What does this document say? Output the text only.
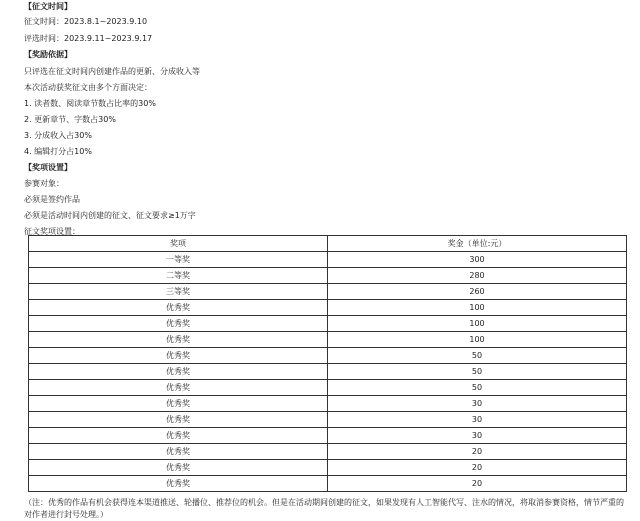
【征文时间】
征文时间：2023.8.1~2023.9.10
评选时间：2023.9.11~2023.9.17
【奖励依据】
只评选在征文时间内创建作品的更新、分成收入等
本次活动获奖征文由多个方面决定：
1. 读者数、阅读章节数占比率的30%
2. 更新章节、字数占30%
3. 分成收入占30%
4. 编辑打分占10%
【奖项设置】
参赛对象：
必须是签约作品
必须是活动时间内创建的征文、征文要求≥1万字
征文奖项设置：
奖项	奖金（单位:元）
一等奖	300
二等奖	280
三等奖	260
优秀奖	100
优秀奖	100
优秀奖	100
优秀奖	50
优秀奖	50
优秀奖	50
优秀奖	30
优秀奖	30
优秀奖	30
优秀奖	20
优秀奖	20
优秀奖	20
（注：优秀的作品有机会获得连本渠道推送、轮播位、推荐位的机会。但是在活动期间创建的征文，如果发现有人工智能代写、注水的情况，将取消参赛资格，情节严重的对作者进行封号处理。）
